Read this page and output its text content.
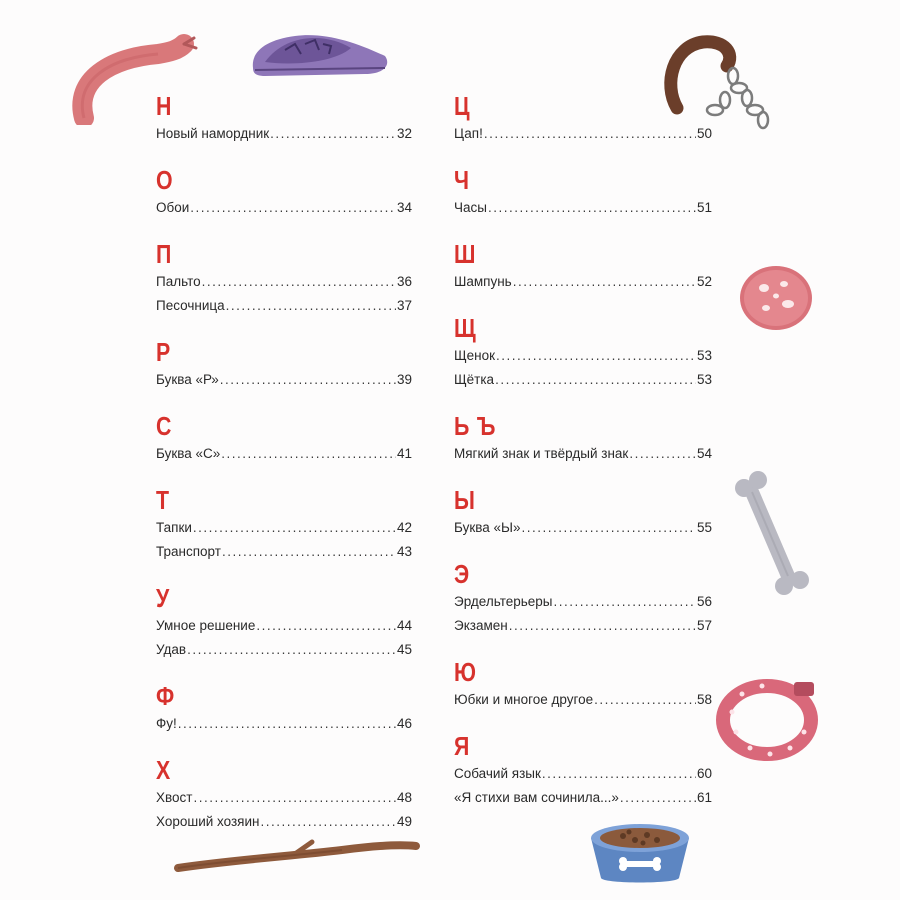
Н
Новый намордник .....	32
О
Обои .....	34
П
Пальто .....	36
Песочница .....	37
Р
Буква «Р» .....	39
С
Буква «С» .....	41
Т
Тапки .....	42
Транспорт .....	43
У
Умное решение .....	44
Удав .....	45
Ф
Фу! .....	46
Х
Хвост .....	48
Хороший хозяин .....	49
Ц
Цап! .....	50
Ч
Часы .....	51
Ш
Шампунь .....	52
Щ
Щенок .....	53
Щётка .....	53
Ь Ъ
Мягкий знак и твёрдый знак .....	54
Ы
Буква «Ы» .....	55
Э
Эрдельтерьеры .....	56
Экзамен .....	57
Ю
Юбки и многое другое .....	58
Я
Собачий язык .....	60
«Я стихи вам сочинила...» .....	61
